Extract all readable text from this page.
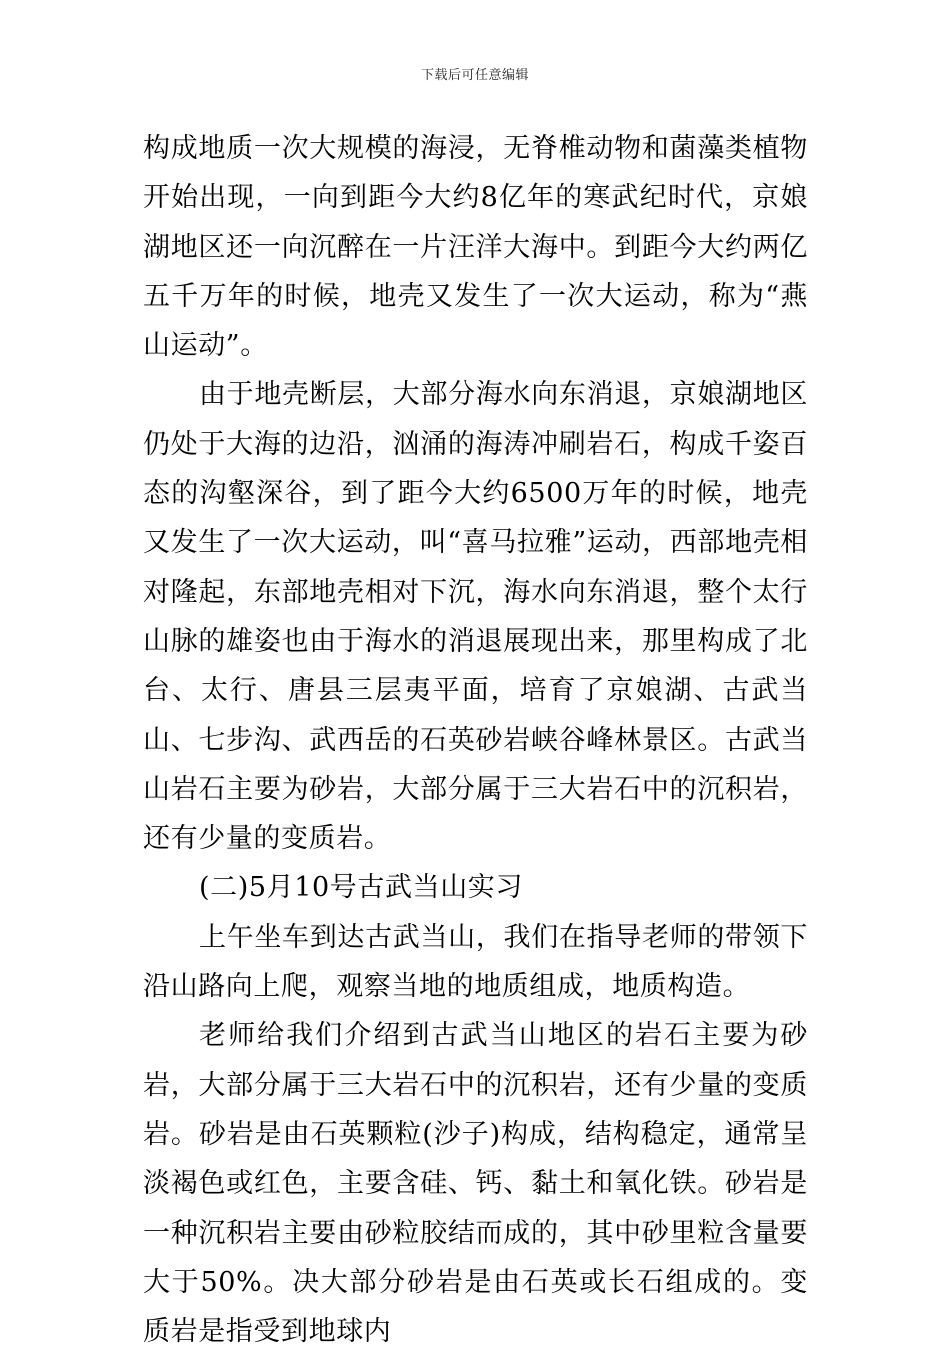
下载后可任意编辑

构成地质一次大规模的海浸，无脊椎动物和菌藻类植物开始出现，一向到距今大约8亿年的寒武纪时代，京娘湖地区还一向沉醉在一片汪洋大海中。到距今大约两亿五千万年的时候，地壳又发生了一次大运动，称为“燕山运动”。

由于地壳断层，大部分海水向东消退，京娘湖地区仍处于大海的边沿，汹涌的海涛冲刷岩石，构成千姿百态的沟壑深谷，到了距今大约6500万年的时候，地壳又发生了一次大运动，叫“喜马拉雅”运动，西部地壳相对隆起，东部地壳相对下沉，海水向东消退，整个太行山脉的雄姿也由于海水的消退展现出来，那里构成了北台、太行、唐县三层夷平面，培育了京娘湖、古武当山、七步沟、武西岳的石英砂岩峡谷峰林景区。古武当山岩石主要为砂岩，大部分属于三大岩石中的沉积岩，还有少量的变质岩。

(二)5月10号古武当山实习

上午坐车到达古武当山，我们在指导老师的带领下沿山路向上爬，观察当地的地质组成，地质构造。

老师给我们介绍到古武当山地区的岩石主要为砂岩，大部分属于三大岩石中的沉积岩，还有少量的变质岩。砂岩是由石英颗粒(沙子)构成，结构稳定，通常呈淡褐色或红色，主要含硅、钙、黏土和氧化铁。砂岩是一种沉积岩主要由砂粒胶结而成的，其中砂里粒含量要大于50%。决大部分砂岩是由石英或长石组成的。变质岩是指受到地球内
